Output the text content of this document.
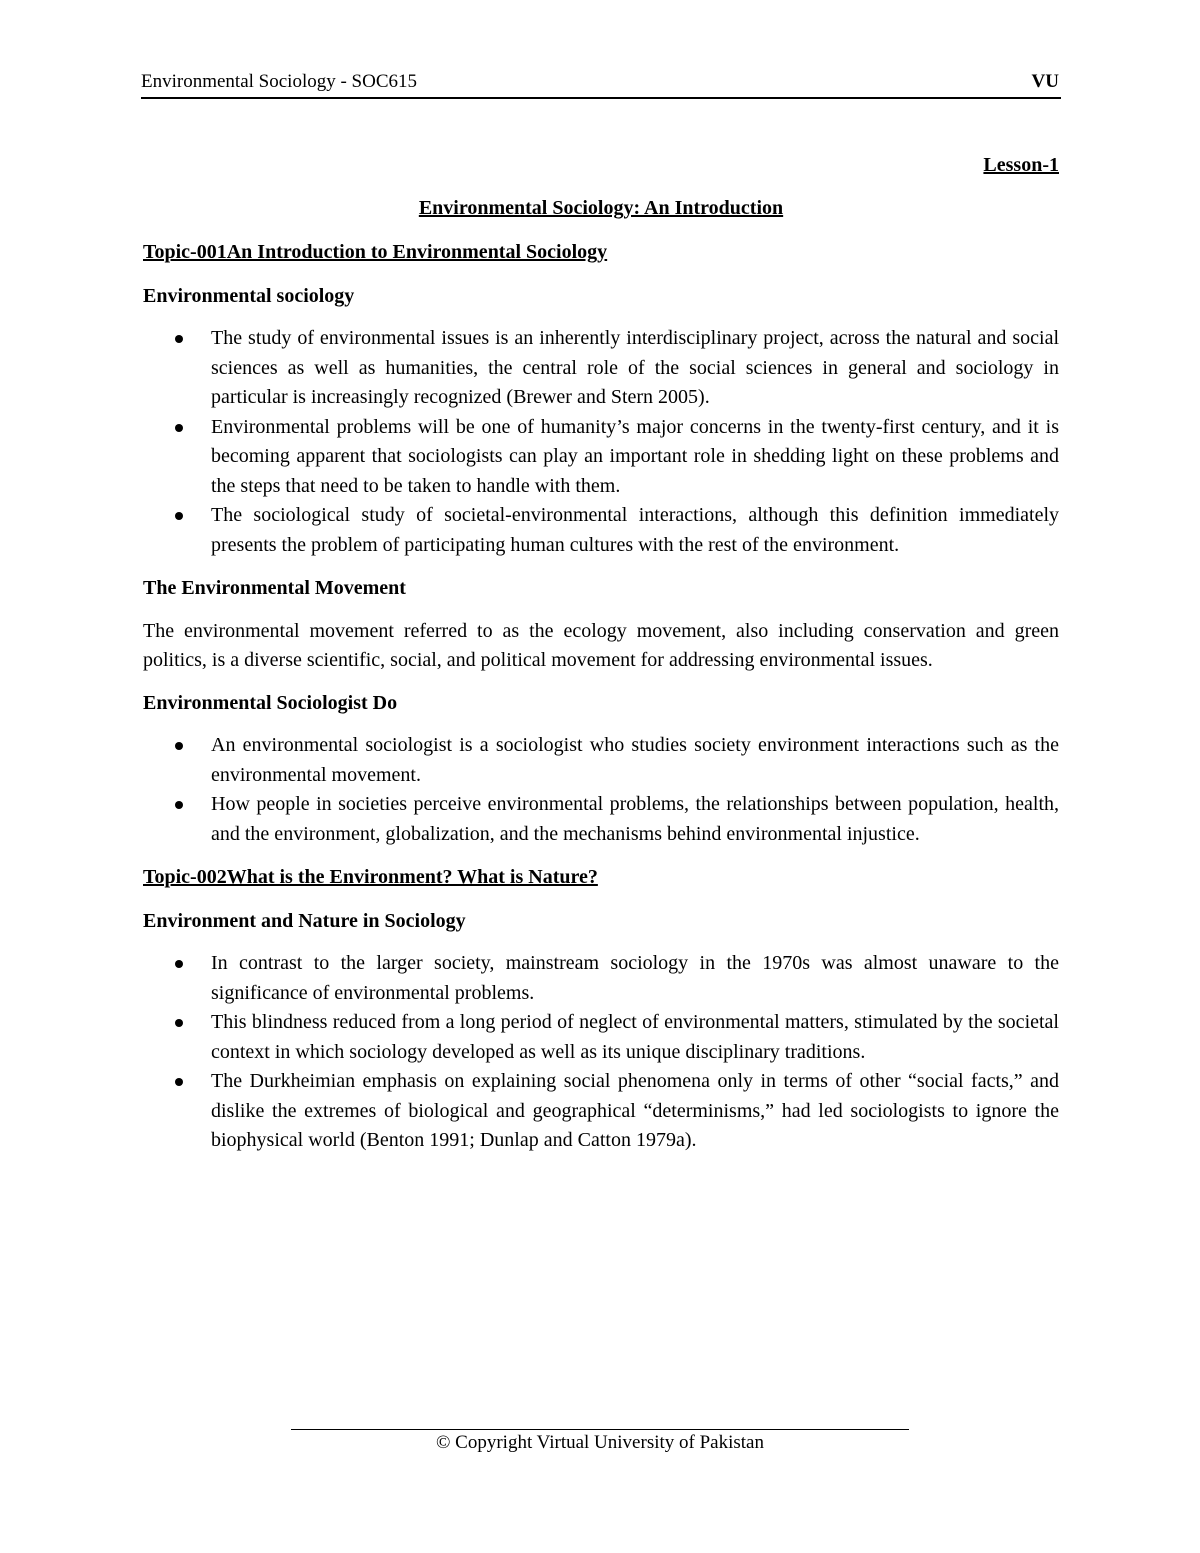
Environmental Sociology - SOC615	VU
Lesson-1
Environmental Sociology: An Introduction
Topic-001An Introduction to Environmental Sociology
Environmental sociology
The study of environmental issues is an inherently interdisciplinary project, across the natural and social sciences as well as humanities, the central role of the social sciences in general and sociology in particular is increasingly recognized (Brewer and Stern 2005).
Environmental problems will be one of humanity’s major concerns in the twenty-first century, and it is becoming apparent that sociologists can play an important role in shedding light on these problems and the steps that need to be taken to handle with them.
The sociological study of societal-environmental interactions, although this definition immediately presents the problem of participating human cultures with the rest of the environment.
The Environmental Movement
The environmental movement referred to as the ecology movement, also including conservation and green politics, is a diverse scientific, social, and political movement for addressing environmental issues.
Environmental Sociologist Do
An environmental sociologist is a sociologist who studies society environment interactions such as the environmental movement.
How people in societies perceive environmental problems, the relationships between population, health, and the environment, globalization, and the mechanisms behind environmental injustice.
Topic-002What is the Environment? What is Nature?
Environment and Nature in Sociology
In contrast to the larger society, mainstream sociology in the 1970s was almost unaware to the significance of environmental problems.
This blindness reduced from a long period of neglect of environmental matters, stimulated by the societal context in which sociology developed as well as its unique disciplinary traditions.
The Durkheimian emphasis on explaining social phenomena only in terms of other “social facts,” and dislike the extremes of biological and geographical “determinisms,” had led sociologists to ignore the biophysical world (Benton 1991; Dunlap and Catton 1979a).
© Copyright Virtual University of Pakistan
